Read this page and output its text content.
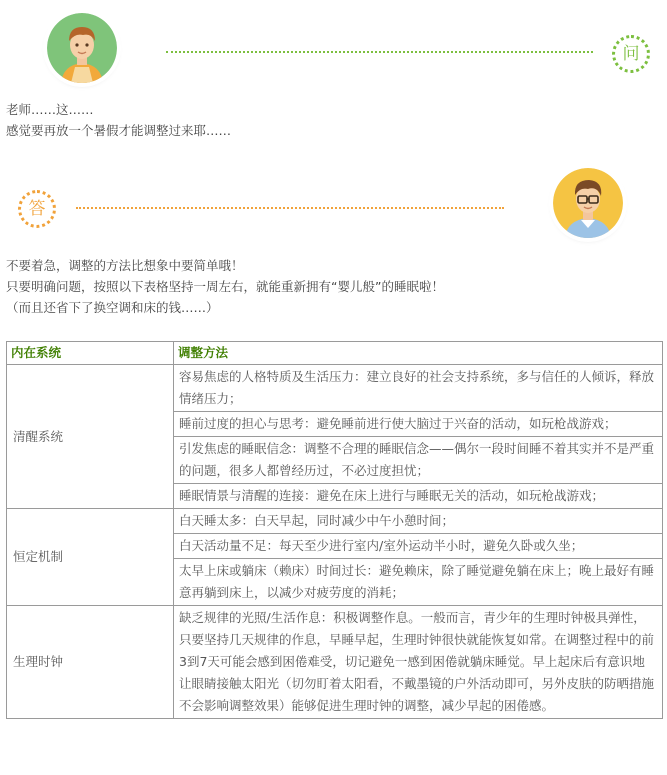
问
老师……这……
感觉要再放一个暑假才能调整过来耶……
答
不要着急，调整的方法比想象中要简单哦！
只要明确问题，按照以下表格坚持一周左右，就能重新拥有“婴儿般”的睡眠啦！
（而且还省下了换空调和床的钱……）
内在系统	调整方法
清醒系统	容易焦虑的人格特质及生活压力：建立良好的社会支持系统，多与信任的人倾诉，释放情绪压力；
	睡前过度的担心与思考：避免睡前进行使大脑过于兴奋的活动，如玩枪战游戏；
	引发焦虑的睡眠信念：调整不合理的睡眠信念——偶尔一段时间睡不着其实并不是严重的问题，很多人都曾经历过，不必过度担忧；
	睡眠情景与清醒的连接：避免在床上进行与睡眠无关的活动，如玩枪战游戏；
恒定机制	白天睡太多：白天早起，同时减少中午小憩时间；
	白天活动量不足：每天至少进行室内/室外运动半小时，避免久卧或久坐；
	太早上床或躺床（赖床）时间过长：避免赖床，除了睡觉避免躺在床上；晚上最好有睡意再躺到床上，以减少对疲劳度的消耗；
生理时钟	缺乏规律的光照/生活作息：积极调整作息。一般而言，青少年的生理时钟极具弹性，只要坚持几天规律的作息，早睡早起，生理时钟很快就能恢复如常。在调整过程中的前3到7天可能会感到困倦难受，切记避免一感到困倦就躺床睡觉。早上起床后有意识地让眼睛接触太阳光（切勿盯着太阳看，不戴墨镜的户外活动即可，另外皮肤的防晒措施不会影响调整效果）能够促进生理时钟的调整，减少早起的困倦感。
